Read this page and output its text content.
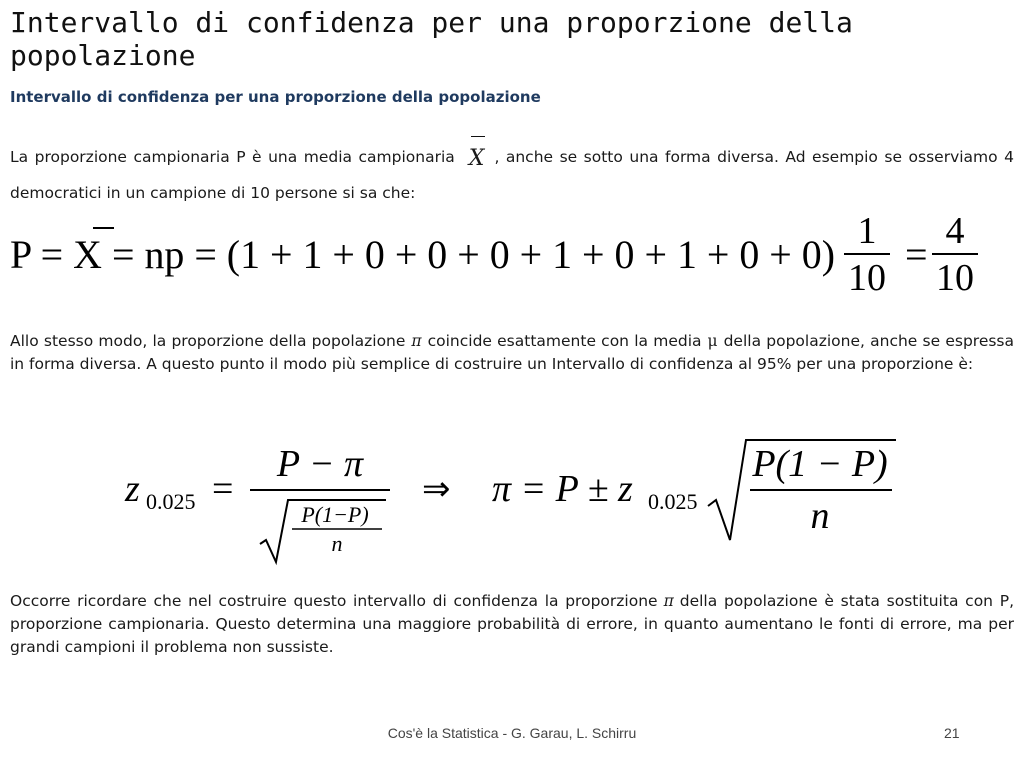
Intervallo di confidenza per una proporzione della popolazione
Intervallo di confidenza per una proporzione della popolazione

La proporzione campionaria P è una media campionaria X , anche se sotto una forma diversa. Ad esempio se osserviamo 4 democratici in un campione di 10 persone si sa che:

P = X = np = (1 + 1 + 0 + 0 + 0 + 1 + 0 + 1 + 0 + 0)
1
10
=
4
10

Allo stesso modo, la proporzione della popolazione π coincide esattamente con la media μ della popolazione, anche se espressa in forma diversa. A questo punto il modo più semplice di costruire un Intervallo di confidenza al 95% per una proporzione è:

z 0.025 =
P − π
P(1−P)
n
⇒ π = P ± z 0.025
P(1 − P)
n

Occorre ricordare che nel costruire questo intervallo di confidenza la proporzione π della popolazione è stata sostituita con P, proporzione campionaria. Questo determina una maggiore probabilità di errore, in quanto aumentano le fonti di errore, ma per grandi campioni il problema non sussiste.

Cos'è la Statistica - G. Garau, L. Schirru	21
